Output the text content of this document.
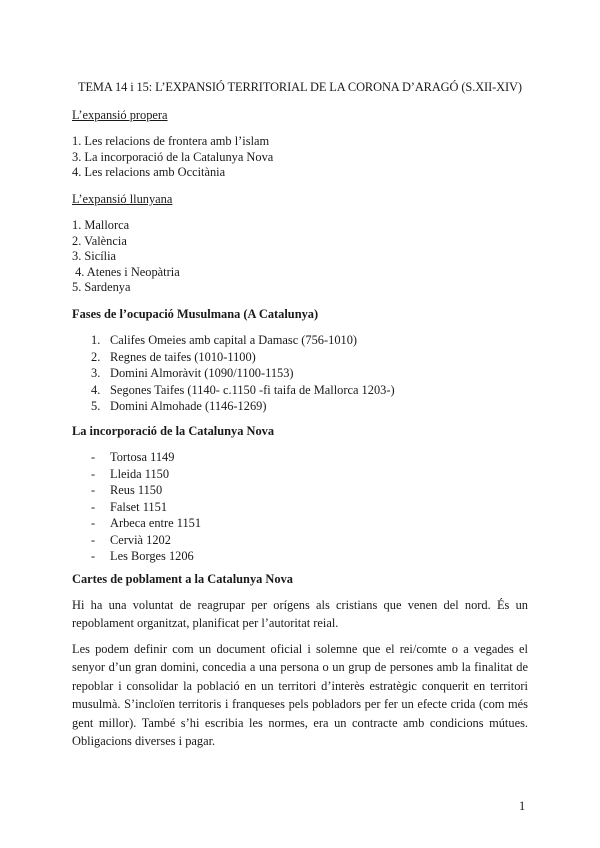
TEMA 14 i 15: L’EXPANSIÓ TERRITORIAL DE LA CORONA D’ARAGÓ (S.XII-XIV)
L’expansió propera
1. Les relacions de frontera amb l’islam
3. La incorporació de la Catalunya Nova
4. Les relacions amb Occitània
L’expansió llunyana
1. Mallorca
2. València
3. Sicília
4. Atenes i Neopàtria
5. Sardenya
Fases de l’ocupació Musulmana (A Catalunya)
1. Califes Omeies amb capital a Damasc (756-1010)
2. Regnes de taifes (1010-1100)
3. Domini Almoràvit (1090/1100-1153)
4. Segones Taifes (1140- c.1150 -fi taifa de Mallorca 1203-)
5. Domini Almohade (1146-1269)
La incorporació de la Catalunya Nova
- Tortosa 1149
- Lleida 1150
- Reus 1150
- Falset 1151
- Arbeca entre 1151
- Cervià 1202
- Les Borges 1206
Cartes de poblament a la Catalunya Nova
Hi ha una voluntat de reagrupar per orígens als cristians que venen del nord. És un repoblament organitzat, planificat per l’autoritat reial.
Les podem definir com un document oficial i solemne que el rei/comte o a vegades el senyor d’un gran domini, concedia a una persona o un grup de persones amb la finalitat de repoblar i consolidar la població en un territori d’interès estratègic conquerit en territori musulmà. S’incloïen territoris i franqueses pels pobladors per fer un efecte crida (com més gent millor). També s’hi escribia les normes, era un contracte amb condicions mútues. Obligacions diverses i pagar.
1
